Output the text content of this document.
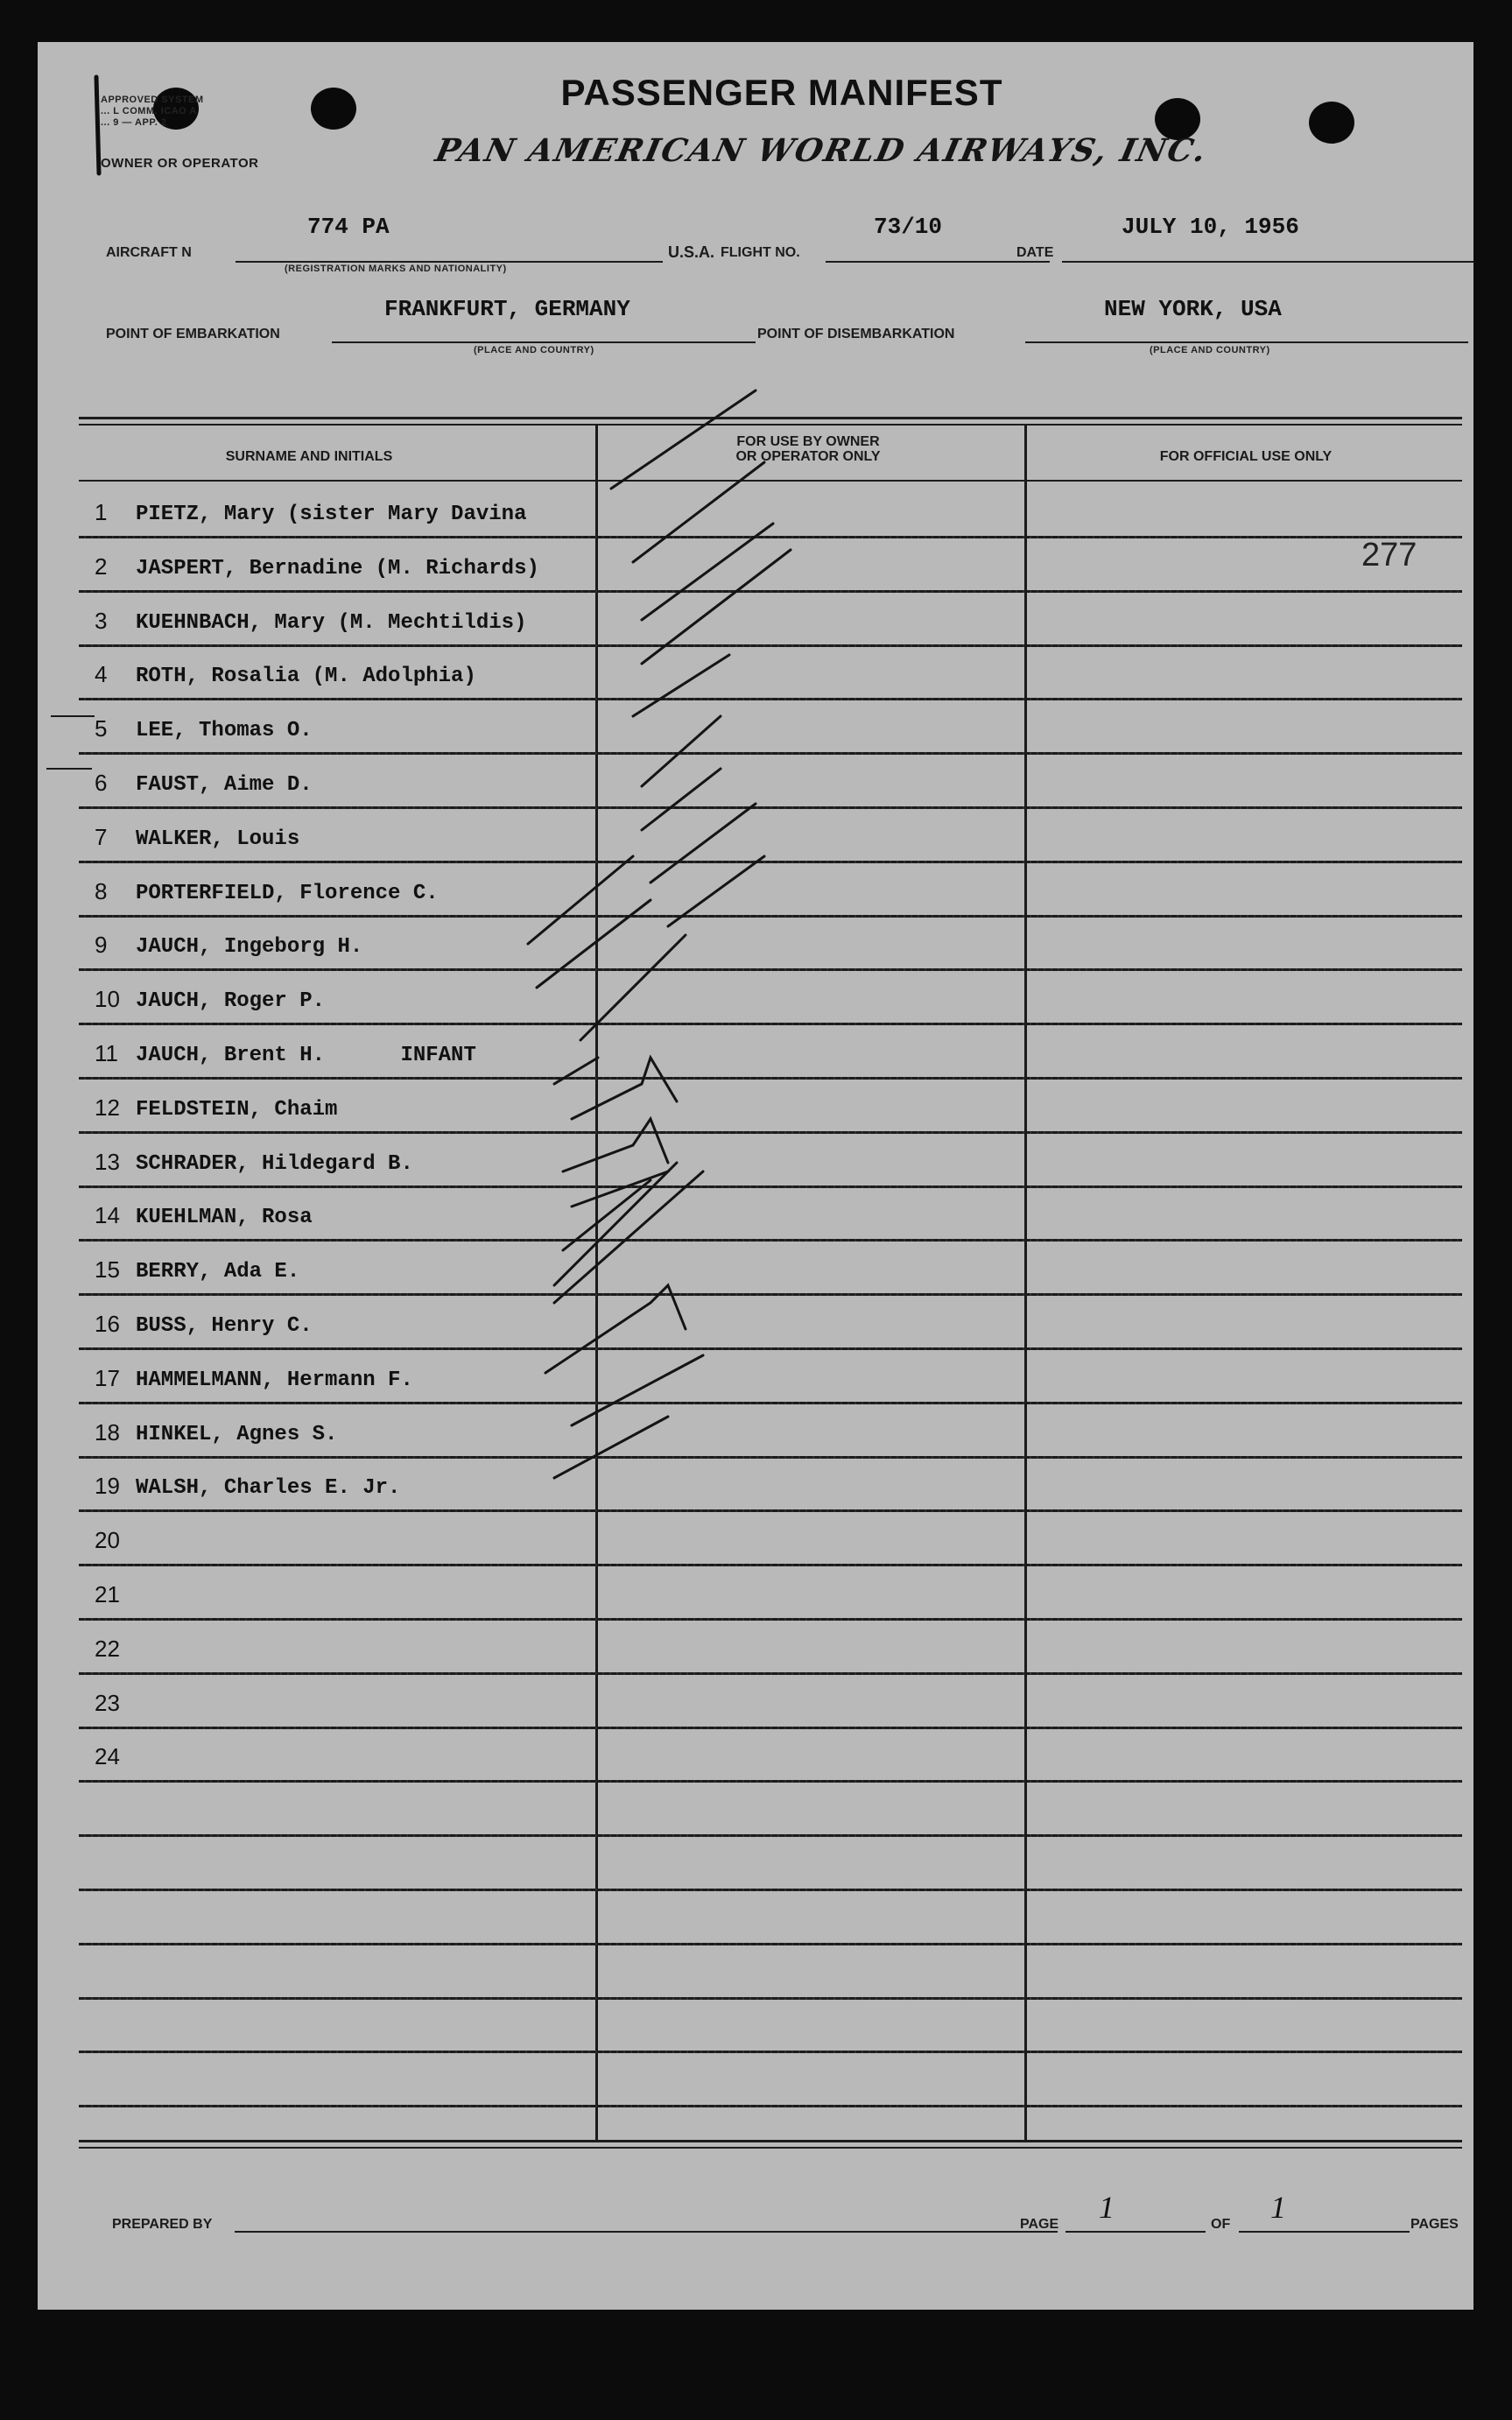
APPROVED SYSTEM ... L COMM. ICAO A ... 9 — APP. 2
PASSENGER MANIFEST
OWNER OR OPERATOR	PAN AMERICAN WORLD AIRWAYS, INC.
AIRCRAFT N
774 PA
(REGISTRATION MARKS AND NATIONALITY)
U.S.A. FLIGHT NO.
73/10
DATE
JULY 10, 1956
POINT OF EMBARKATION
FRANKFURT, GERMANY
(PLACE AND COUNTRY)
POINT OF DISEMBARKATION
NEW YORK, USA
(PLACE AND COUNTRY)
SURNAME AND INITIALS
FOR USE BY OWNER
OR OPERATOR ONLY	FOR OFFICIAL USE ONLY
1 PIETZ, Mary (sister Mary Davina
2 JASPERT, Bernadine (M. Richards)
3 KUEHNBACH, Mary (M. Mechtildis)
4 ROTH, Rosalia (M. Adolphia)
5 LEE, Thomas O.
6 FAUST, Aime D.
7 WALKER, Louis
8 PORTERFIELD, Florence C.
9 JAUCH, Ingeborg H.
10 JAUCH, Roger P.
11 JAUCH, Brent H.      INFANT
12 FELDSTEIN, Chaim
13 SCHRADER, Hildegard B.
14 KUEHLMAN, Rosa
15 BERRY, Ada E.
16 BUSS, Henry C.
17 HAMMELMANN, Hermann F.
18 HINKEL, Agnes S.
19 WALSH, Charles E. Jr.
20
21
22
23
24
277
PREPARED BY	PAGE 1	OF 1	PAGES
